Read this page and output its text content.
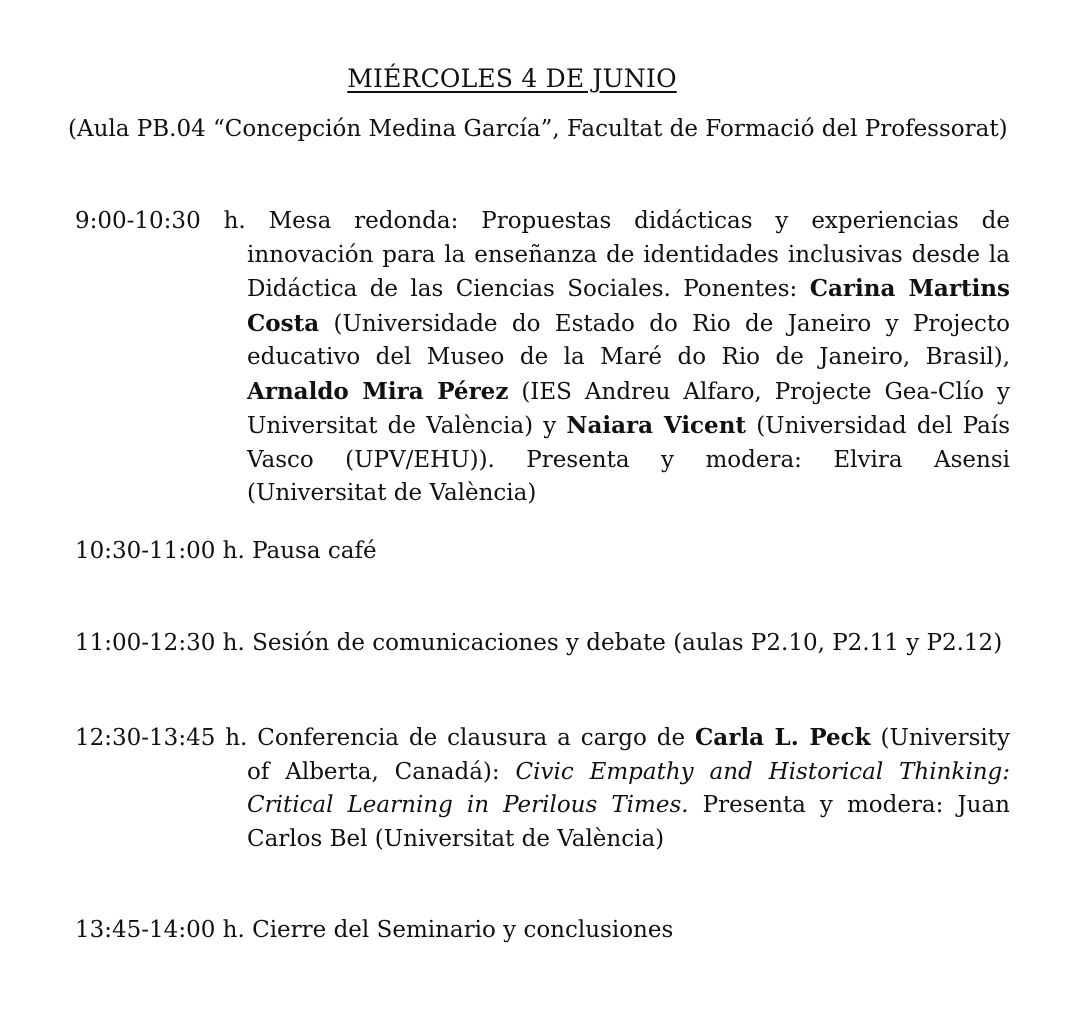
MIÉRCOLES 4 DE JUNIO
(Aula PB.04 “Concepción Medina García”, Facultat de Formació del Professorat)
9:00-10:30 h. Mesa redonda: Propuestas didácticas y experiencias de innovación para la enseñanza de identidades inclusivas desde la Didáctica de las Ciencias Sociales. Ponentes: Carina Martins Costa (Universidade do Estado do Rio de Janeiro y Projecto educativo del Museo de la Maré do Rio de Janeiro, Brasil), Arnaldo Mira Pérez (IES Andreu Alfaro, Projecte Gea-Clío y Universitat de València) y Naiara Vicent (Universidad del País Vasco (UPV/EHU)). Presenta y modera: Elvira Asensi (Universitat de València)
10:30-11:00 h. Pausa café
11:00-12:30 h. Sesión de comunicaciones y debate (aulas P2.10, P2.11 y P2.12)
12:30-13:45 h. Conferencia de clausura a cargo de Carla L. Peck (University of Alberta, Canadá): Civic Empathy and Historical Thinking: Critical Learning in Perilous Times. Presenta y modera: Juan Carlos Bel (Universitat de València)
13:45-14:00 h. Cierre del Seminario y conclusiones
